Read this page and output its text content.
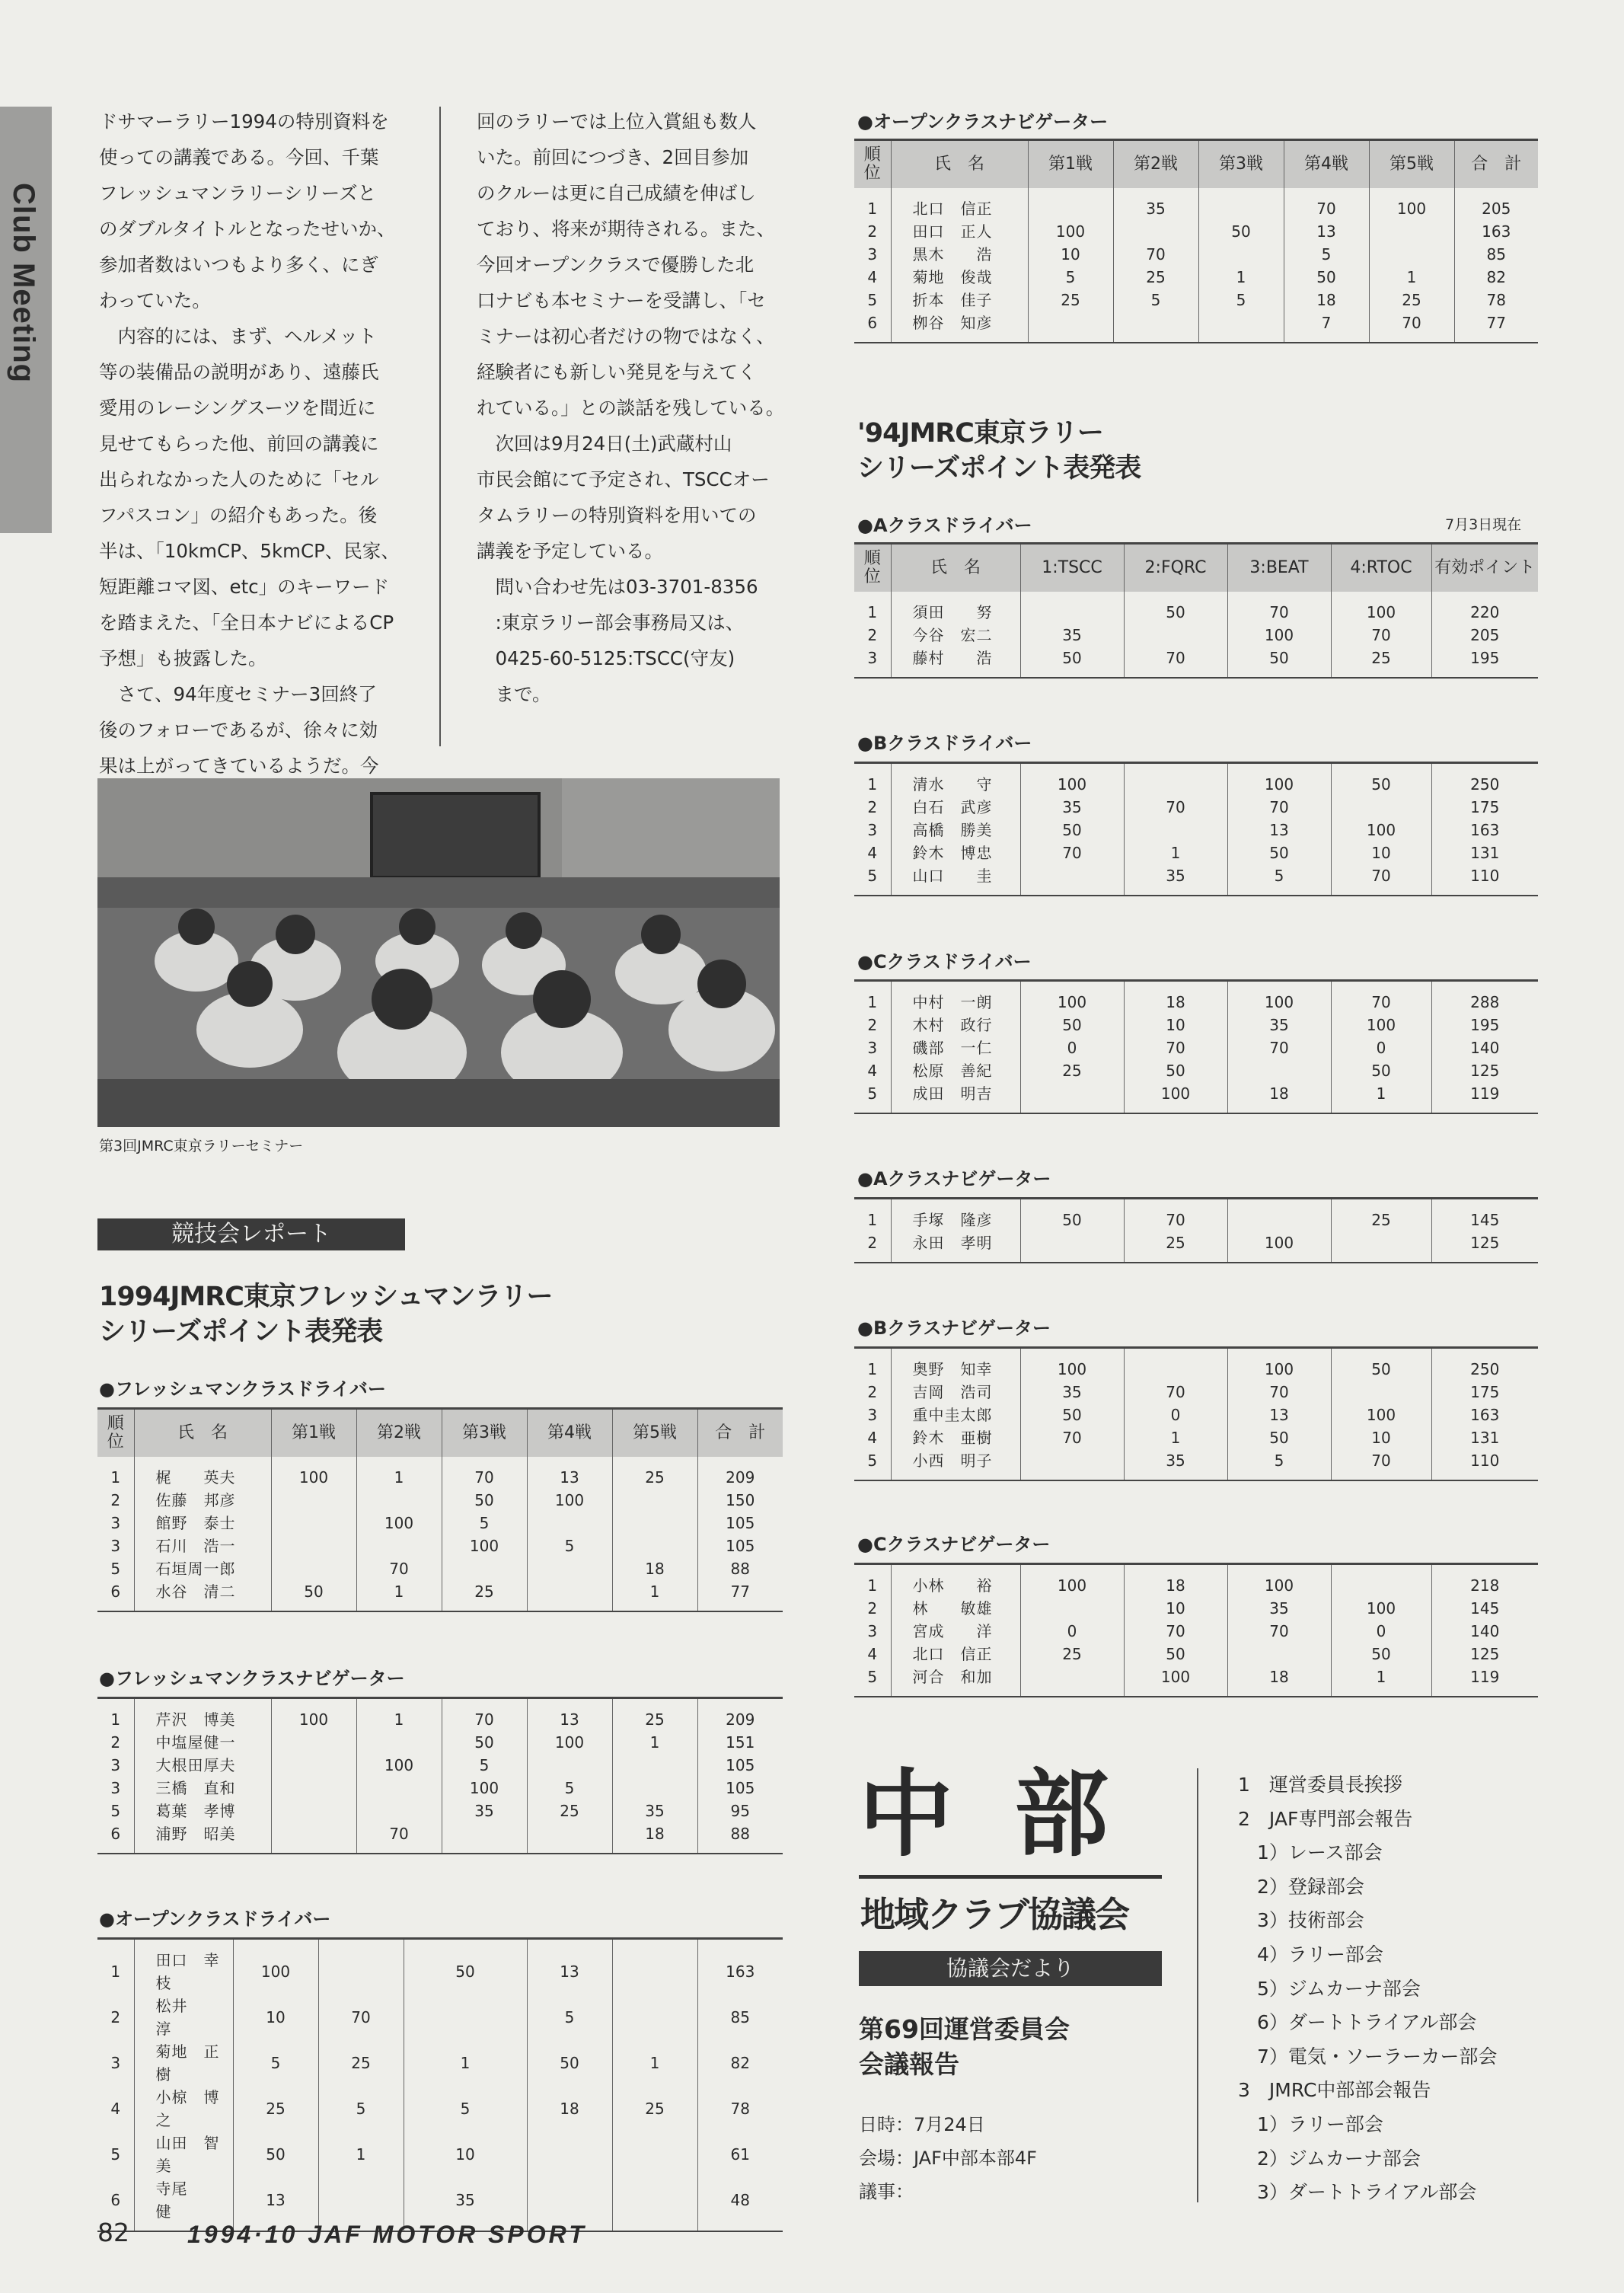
Club Meeting

ドサマーラリー1994の特別資料を
使っての講義である。今回、千葉
フレッシュマンラリーシリーズと
のダブルタイトルとなったせいか、
参加者数はいつもより多く、にぎ
わっていた。
　内容的には、まず、ヘルメット
等の装備品の説明があり、遠藤氏
愛用のレーシングスーツを間近に
見せてもらった他、前回の講義に
出られなかった人のために「セル
フパスコン」の紹介もあった。後
半は、「10kmCP、5kmCP、民家、
短距離コマ図、etc」のキーワード
を踏まえた、「全日本ナビによるCP
予想」も披露した。
　さて、94年度セミナー3回終了
後のフォローであるが、徐々に効
果は上がってきているようだ。今

回のラリーでは上位入賞組も数人
いた。前回につづき、2回目参加
のクルーは更に自己成績を伸ばし
ており、将来が期待される。また、
今回オープンクラスで優勝した北
口ナビも本セミナーを受講し、「セ
ミナーは初心者だけの物ではなく、
経験者にも新しい発見を与えてく
れている。」との談話を残している。
　次回は9月24日(土)武蔵村山
市民会館にて予定され、TSCCオー
タムラリーの特別資料を用いての
講義を予定している。
　問い合わせ先は03-3701-8356
　:東京ラリー部会事務局又は、
　0425-60-5125:TSCC(守友)
　まで。

第3回JMRC東京ラリーセミナー
競技会レポート
1994JMRC東京フレッシュマンラリー
シリーズポイント表発表
●フレッシュマンクラスドライバー
順位	氏　名	第1戦	第2戦	第3戦	第4戦	第5戦	合　計
1	梶　　英夫	100	1	70	13	25	209
2	佐藤　邦彦			50	100		150
3	館野　泰士		100	5			105
3	石川　浩一			100	5		105
5	石垣周一郎		70			18	88
6	水谷　清二	50	1	25		1	77
●フレッシュマンクラスナビゲーター
1	芹沢　博美	100	1	70	13	25	209
2	中塩屋健一			50	100	1	151
3	大根田厚夫		100	5			105
3	三橋　直和			100	5		105
5	葛葉　孝博			35	25	35	95
6	浦野　昭美		70			18	88
●オープンクラスドライバー
1	田口　幸枝	100		50	13		163
2	松井　　淳	10	70		5		85
3	菊地　正樹	5	25	1	50	1	82
4	小椋　博之	25	5	5	18	25	78
5	山田　智美	50	1	10			61
6	寺尾　　健	13		35			48
●オープンクラスナビゲーター
順位	氏　名	第1戦	第2戦	第3戦	第4戦	第5戦	合　計
1	北口　信正		35		70	100	205
2	田口　正人	100		50	13		163
3	黒木　　浩	10	70		5		85
4	菊地　俊哉	5	25	1	50	1	82
5	折本　佳子	25	5	5	18	25	78
6	栁谷　知彦				7	70	77
'94JMRC東京ラリー
シリーズポイント表発表
●Aクラスドライバー	7月3日現在
順位	氏　名	1:TSCC	2:FQRC	3:BEAT	4:RTOC	有効ポイント
1	須田　　努		50	70	100	220
2	今谷　宏二	35		100	70	205
3	藤村　　浩	50	70	50	25	195
●Bクラスドライバー
1	清水　　守	100		100	50	250
2	白石　武彦	35	70	70		175
3	高橋　勝美	50		13	100	163
4	鈴木　博忠	70	1	50	10	131
5	山口　　圭		35	5	70	110
●Cクラスドライバー
1	中村　一朗	100	18	100	70	288
2	木村　政行	50	10	35	100	195
3	磯部　一仁	0	70	70	0	140
4	松原　善紀	25	50		50	125
5	成田　明吉		100	18	1	119
●Aクラスナビゲーター
1	手塚　隆彦	50	70		25	145
2	永田　孝明		25	100		125
●Bクラスナビゲーター
1	奥野　知幸	100		100	50	250
2	吉岡　浩司	35	70	70		175
3	重中圭太郎	50	0	13	100	163
4	鈴木　亜樹	70	1	50	10	131
5	小西　明子		35	5	70	110
●Cクラスナビゲーター
1	小林　　裕	100	18	100		218
2	林　　敏雄		10	35	100	145
3	宮成　　洋	0	70	70	0	140
4	北口　信正	25	50		50	125
5	河合　和加		100	18	1	119
中部
地域クラブ協議会
協議会だより
第69回運営委員会
会議報告
日時：7月24日
会場：JAF中部本部4F
議事：
1　運営委員長挨拶
2　JAF専門部会報告
　1）レース部会
　2）登録部会
　3）技術部会
　4）ラリー部会
　5）ジムカーナ部会
　6）ダートトライアル部会
　7）電気・ソーラーカー部会
3　JMRC中部部会報告
　1）ラリー部会
　2）ジムカーナ部会
　3）ダートトライアル部会
82 1994·10 JAF MOTOR SPORT
